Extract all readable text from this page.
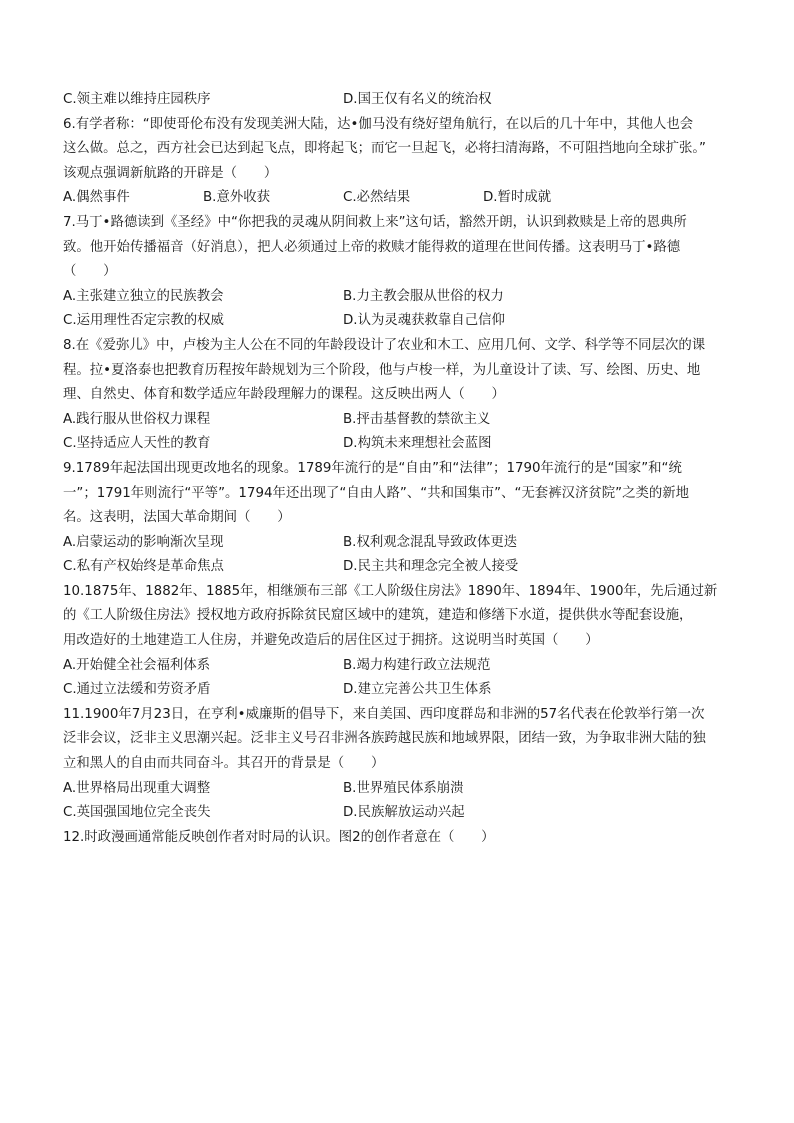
C.领主难以维持庄园秩序	D.国王仅有名义的统治权
6.有学者称：“即使哥伦布没有发现美洲大陆，达•伽马没有绕好望角航行，在以后的几十年中，其他人也会
这么做。总之，西方社会已达到起飞点，即将起飞；而它一旦起飞，必将扫清海路，不可阻挡地向全球扩张。”
该观点强调新航路的开辟是（　　）
A.偶然事件	B.意外收获	C.必然结果	D.暂时成就
7.马丁•路德读到《圣经》中“你把我的灵魂从阴间救上来”这句话，豁然开朗，认识到救赎是上帝的恩典所
致。他开始传播福音（好消息），把人必须通过上帝的救赎才能得救的道理在世间传播。这表明马丁•路德
（　　）
A.主张建立独立的民族教会	B.力主教会服从世俗的权力
C.运用理性否定宗教的权威	D.认为灵魂获救靠自己信仰
8.在《爱弥儿》中，卢梭为主人公在不同的年龄段设计了农业和木工、应用几何、文学、科学等不同层次的课
程。拉•夏洛泰也把教育历程按年龄规划为三个阶段，他与卢梭一样，为儿童设计了读、写、绘图、历史、地
理、自然史、体育和数学适应年龄段理解力的课程。这反映出两人（　　）
A.践行服从世俗权力课程	B.抨击基督教的禁欲主义
C.坚持适应人天性的教育	D.构筑未来理想社会蓝图
9.1789年起法国出现更改地名的现象。1789年流行的是“自由”和“法律”；1790年流行的是“国家”和“统
一”；1791年则流行“平等”。1794年还出现了“自由人路”、“共和国集市”、“无套裤汉济贫院”之类的新地
名。这表明，法国大革命期间（　　）
A.启蒙运动的影响渐次呈现	B.权利观念混乱导致政体更迭
C.私有产权始终是革命焦点	D.民主共和理念完全被人接受
10.1875年、1882年、1885年，相继颁布三部《工人阶级住房法》1890年、1894年、1900年，先后通过新
的《工人阶级住房法》授权地方政府拆除贫民窟区域中的建筑，建造和修缮下水道，提供供水等配套设施，
用改造好的土地建造工人住房，并避免改造后的居住区过于拥挤。这说明当时英国（　　）
A.开始健全社会福利体系	B.竭力构建行政立法规范
C.通过立法缓和劳资矛盾	D.建立完善公共卫生体系
11.1900年7月23日，在亨利•威廉斯的倡导下，来自美国、西印度群岛和非洲的57名代表在伦敦举行第一次
泛非会议，泛非主义思潮兴起。泛非主义号召非洲各族跨越民族和地域界限，团结一致，为争取非洲大陆的独
立和黑人的自由而共同奋斗。其召开的背景是（　　）
A.世界格局出现重大调整	B.世界殖民体系崩溃
C.英国强国地位完全丧失	D.民族解放运动兴起
12.时政漫画通常能反映创作者对时局的认识。图2的创作者意在（　　）
